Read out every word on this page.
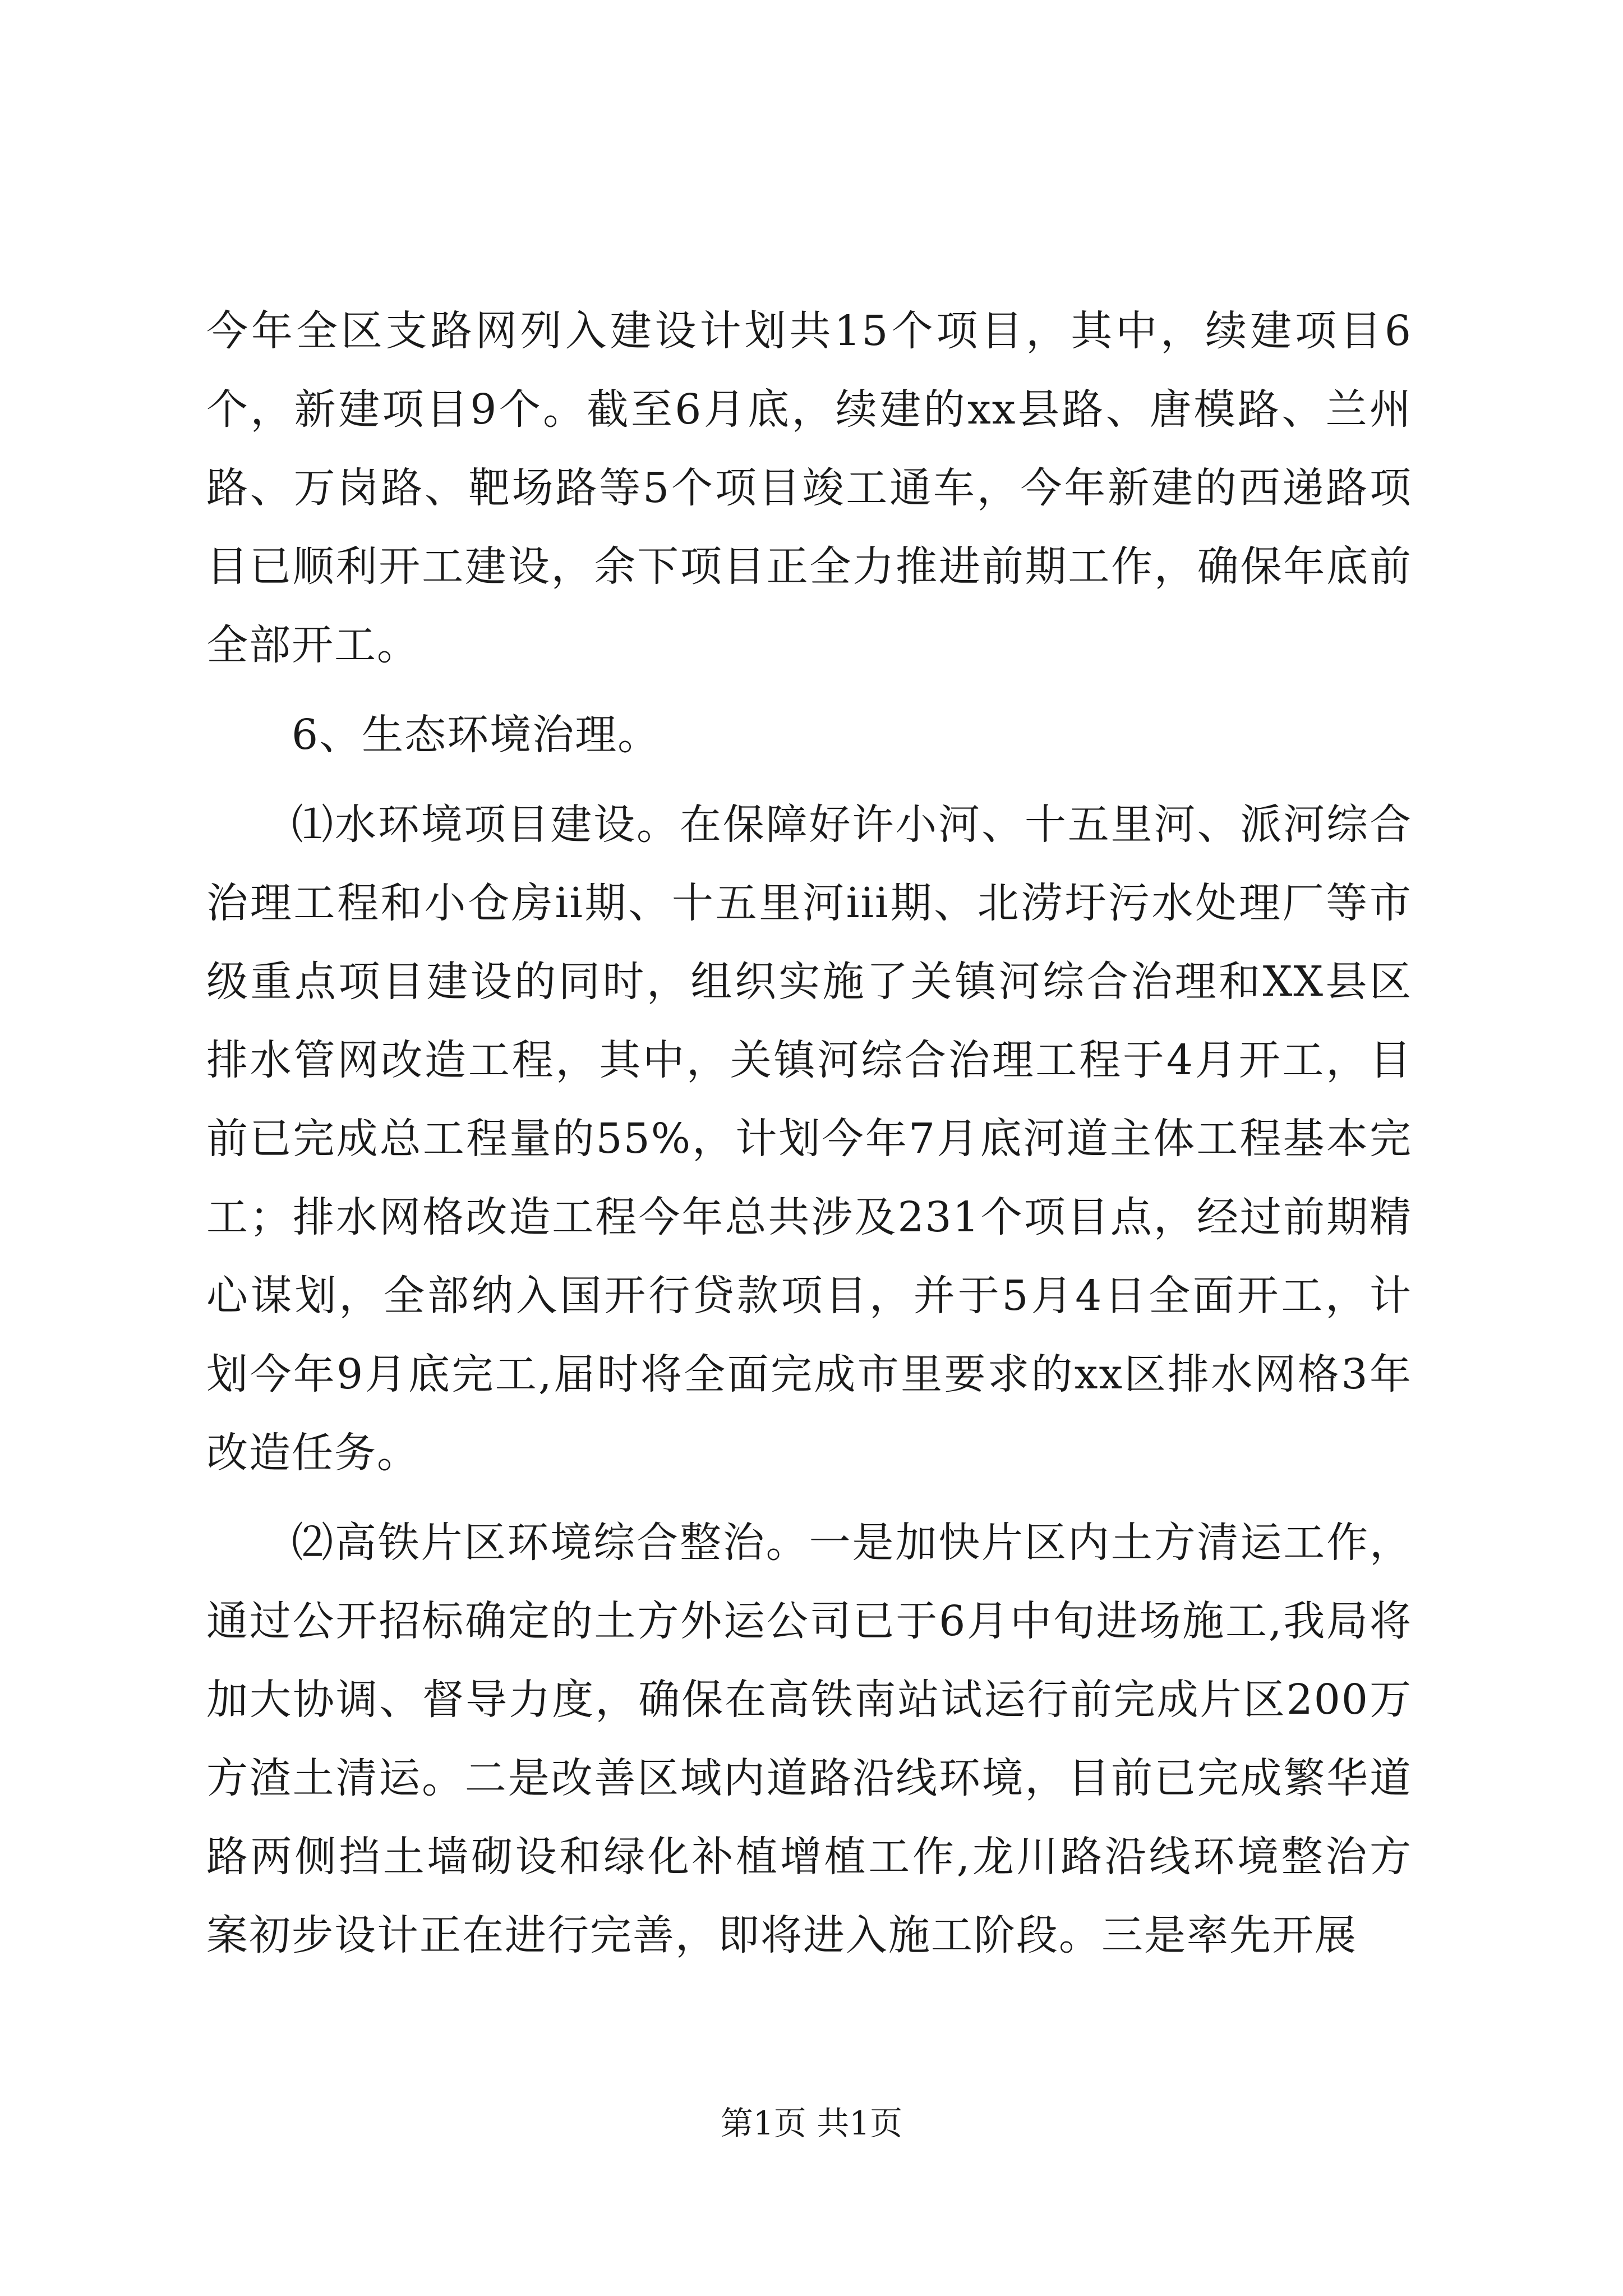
今年全区支路网列入建设计划共15个项目，其中，续建项目6个，新建项目9个。截至6月底，续建的xx县路、唐模路、兰州路、万岗路、靶场路等5个项目竣工通车，今年新建的西递路项目已顺利开工建设，余下项目正全力推进前期工作，确保年底前全部开工。

6、生态环境治理。

⑴水环境项目建设。在保障好许小河、十五里河、派河综合治理工程和小仓房ii期、十五里河iii期、北涝圩污水处理厂等市级重点项目建设的同时，组织实施了关镇河综合治理和XX县区排水管网改造工程，其中，关镇河综合治理工程于4月开工，目前已完成总工程量的55%，计划今年7月底河道主体工程基本完工；排水网格改造工程今年总共涉及231个项目点，经过前期精心谋划，全部纳入国开行贷款项目，并于5月4日全面开工，计划今年9月底完工,届时将全面完成市里要求的xx区排水网格3年改造任务。

⑵高铁片区环境综合整治。一是加快片区内土方清运工作，通过公开招标确定的土方外运公司已于6月中旬进场施工,我局将加大协调、督导力度，确保在高铁南站试运行前完成片区200万方渣土清运。二是改善区域内道路沿线环境，目前已完成繁华道路两侧挡土墙砌设和绿化补植增植工作,龙川路沿线环境整治方案初步设计正在进行完善，即将进入施工阶段。三是率先开展

第1页 共1页
